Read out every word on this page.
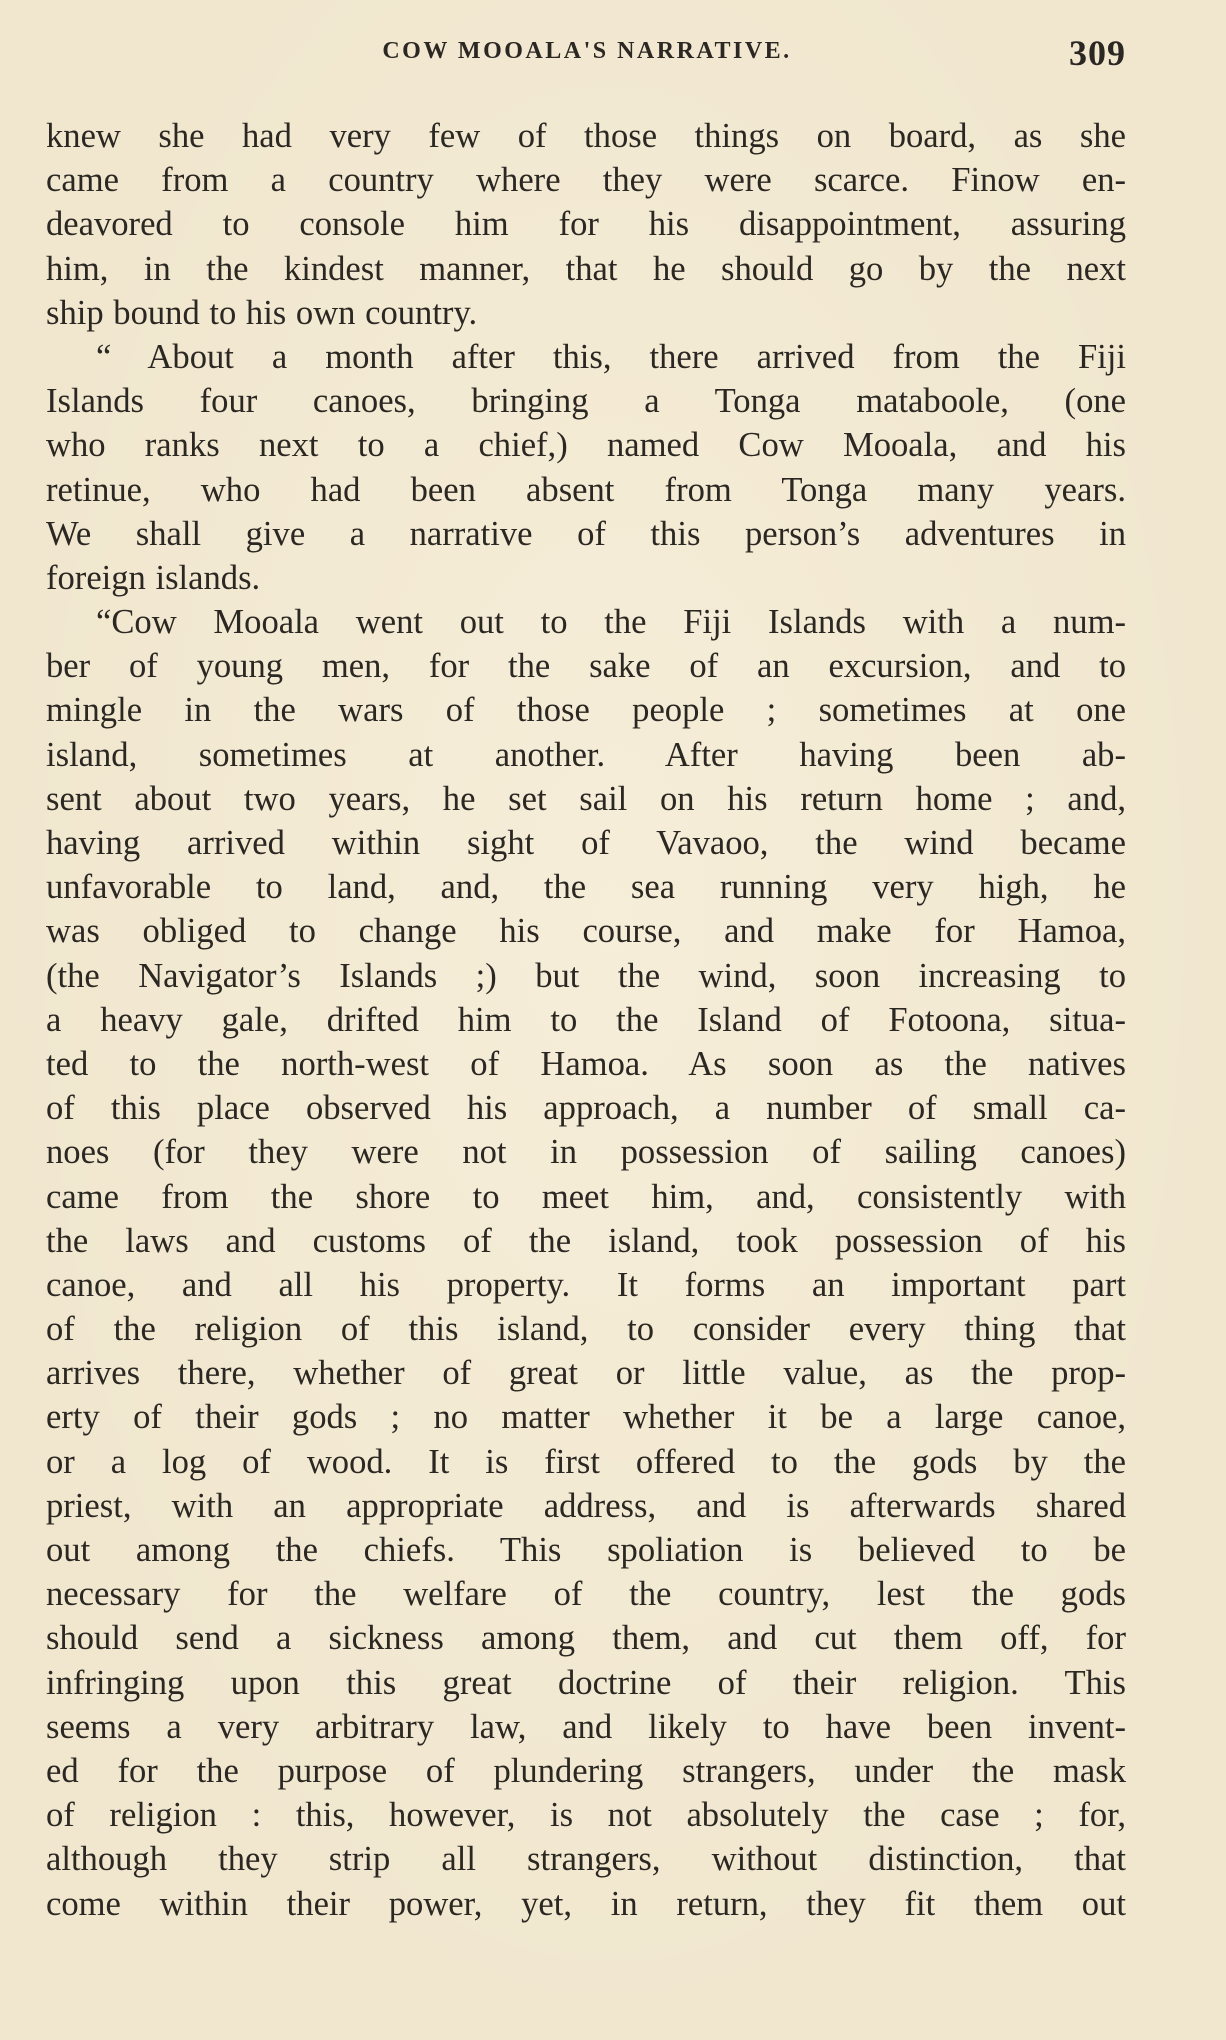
COW MOOALA'S NARRATIVE.	309
knew she had very few of those things on board, as she
came from a country where they were scarce. Finow en-
deavored to console him for his disappointment, assuring
him, in the kindest manner, that he should go by the next
ship bound to his own country.
“ About a month after this, there arrived from the Fiji
Islands four canoes, bringing a Tonga mataboole, (one
who ranks next to a chief,) named Cow Mooala, and his
retinue, who had been absent from Tonga many years.
We shall give a narrative of this person’s adventures in
foreign islands.
“Cow Mooala went out to the Fiji Islands with a num-
ber of young men, for the sake of an excursion, and to
mingle in the wars of those people ; sometimes at one
island, sometimes at another. After having been ab-
sent about two years, he set sail on his return home ; and,
having arrived within sight of Vavaoo, the wind became
unfavorable to land, and, the sea running very high, he
was obliged to change his course, and make for Hamoa,
(the Navigator’s Islands ;) but the wind, soon increasing to
a heavy gale, drifted him to the Island of Fotoona, situa-
ted to the north-west of Hamoa. As soon as the natives
of this place observed his approach, a number of small ca-
noes (for they were not in possession of sailing canoes)
came from the shore to meet him, and, consistently with
the laws and customs of the island, took possession of his
canoe, and all his property. It forms an important part
of the religion of this island, to consider every thing that
arrives there, whether of great or little value, as the prop-
erty of their gods ; no matter whether it be a large canoe,
or a log of wood. It is first offered to the gods by the
priest, with an appropriate address, and is afterwards shared
out among the chiefs. This spoliation is believed to be
necessary for the welfare of the country, lest the gods
should send a sickness among them, and cut them off, for
infringing upon this great doctrine of their religion. This
seems a very arbitrary law, and likely to have been invent-
ed for the purpose of plundering strangers, under the mask
of religion : this, however, is not absolutely the case ; for,
although they strip all strangers, without distinction, that
come within their power, yet, in return, they fit them out
